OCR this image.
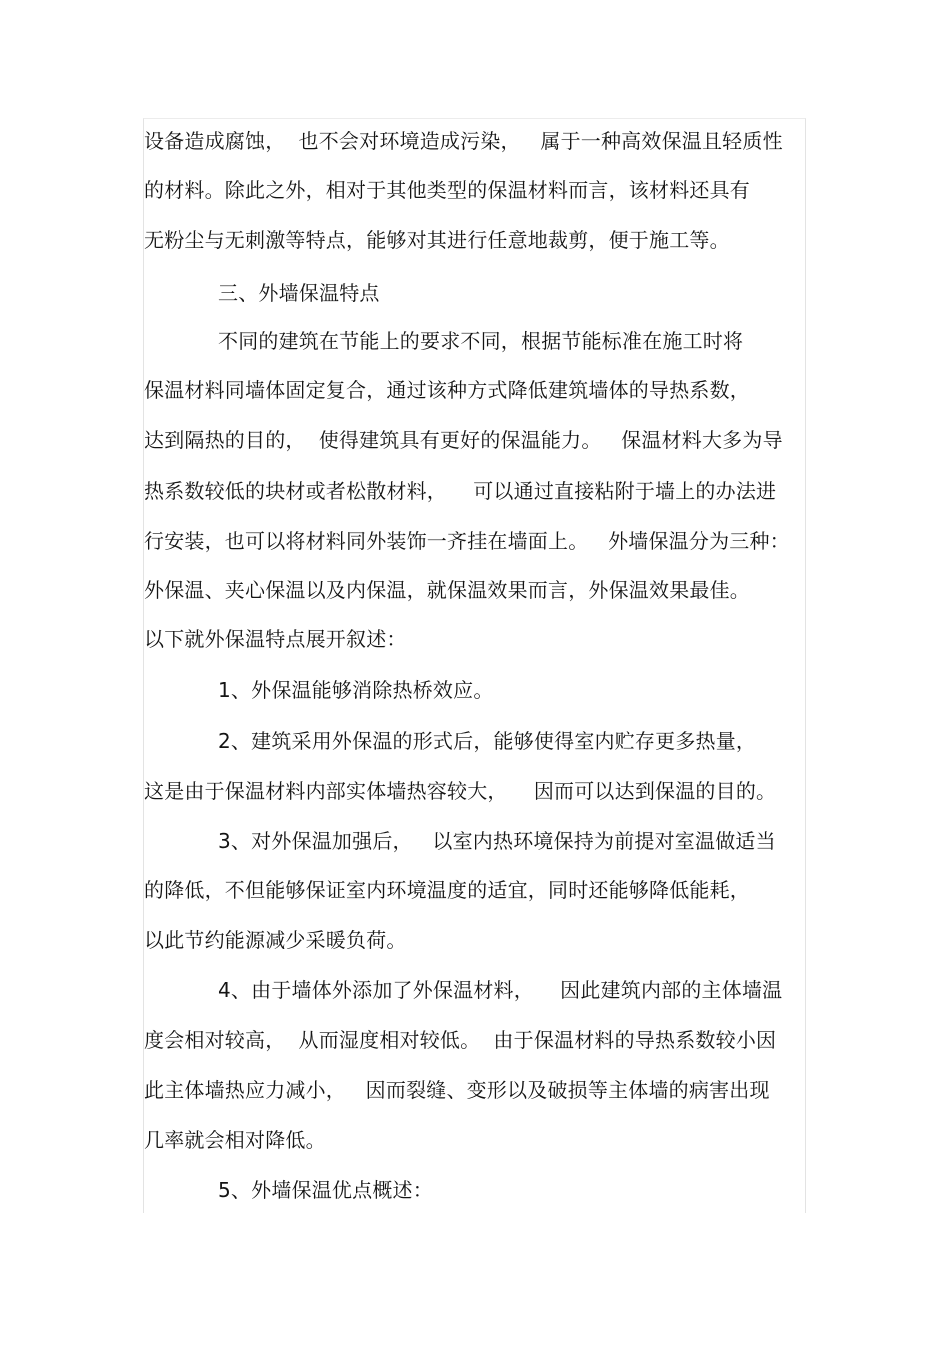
设备造成腐蚀，  也不会对环境造成污染，   属于一种高效保温且轻质性
的材料。除此之外，相对于其他类型的保温材料而言，该材料还具有
无粉尘与无刺激等特点，能够对其进行任意地裁剪，便于施工等。
三、外墙保温特点
不同的建筑在节能上的要求不同，根据节能标准在施工时将
保温材料同墙体固定复合，通过该种方式降低建筑墙体的导热系数，
达到隔热的目的，  使得建筑具有更好的保温能力。   保温材料大多为导
热系数较低的块材或者松散材料，    可以通过直接粘附于墙上的办法进
行安装，也可以将材料同外装饰一齐挂在墙面上。   外墙保温分为三种：
外保温、夹心保温以及内保温，就保温效果而言，外保温效果最佳。
以下就外保温特点展开叙述：
1、外保温能够消除热桥效应。
2、建筑采用外保温的形式后，能够使得室内贮存更多热量，
这是由于保温材料内部实体墙热容较大，    因而可以达到保温的目的。
3、对外保温加强后，   以室内热环境保持为前提对室温做适当
的降低，不但能够保证室内环境温度的适宜，同时还能够降低能耗，
以此节约能源减少采暖负荷。
4、由于墙体外添加了外保温材料，    因此建筑内部的主体墙温
度会相对较高，  从而湿度相对较低。  由于保温材料的导热系数较小因
此主体墙热应力减小，   因而裂缝、变形以及破损等主体墙的病害出现
几率就会相对降低。
5、外墙保温优点概述：
